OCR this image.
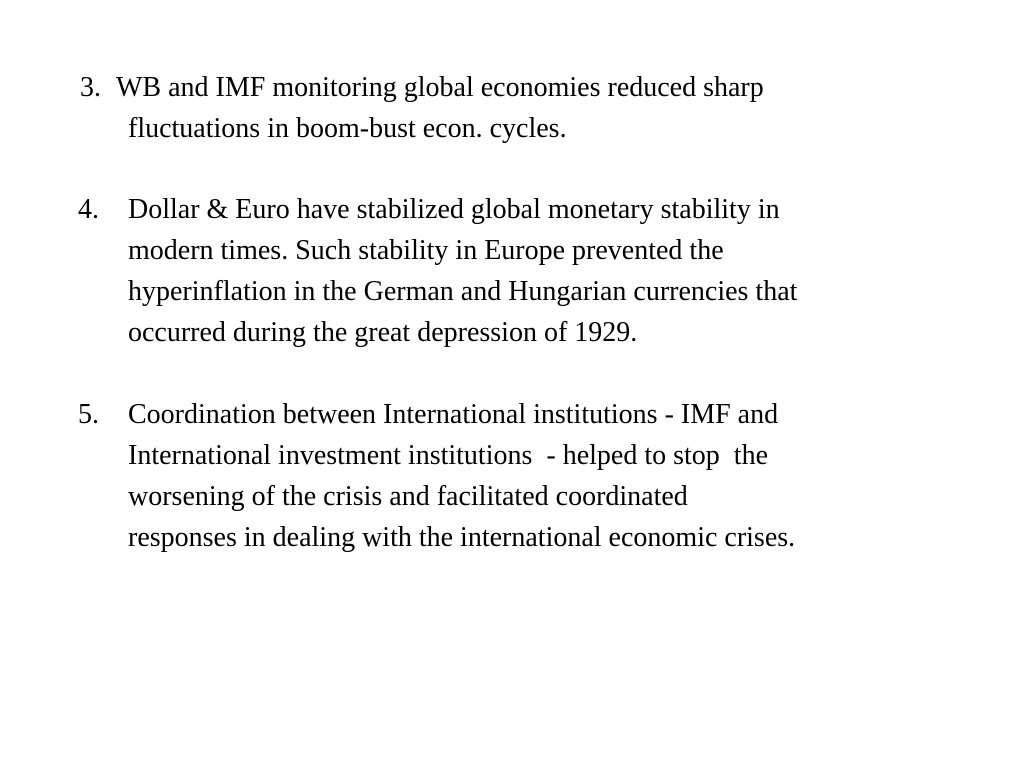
3. WB and IMF monitoring global economies reduced sharp
fluctuations in boom-bust econ. cycles.
4.	Dollar & Euro have stabilized global monetary stability in
modern times. Such stability in Europe prevented the
hyperinflation in the German and Hungarian currencies that
occurred during the great depression of 1929.
5.	Coordination between International institutions - IMF and
International investment institutions  - helped to stop  the
worsening of the crisis and facilitated coordinated
responses in dealing with the international economic crises.
